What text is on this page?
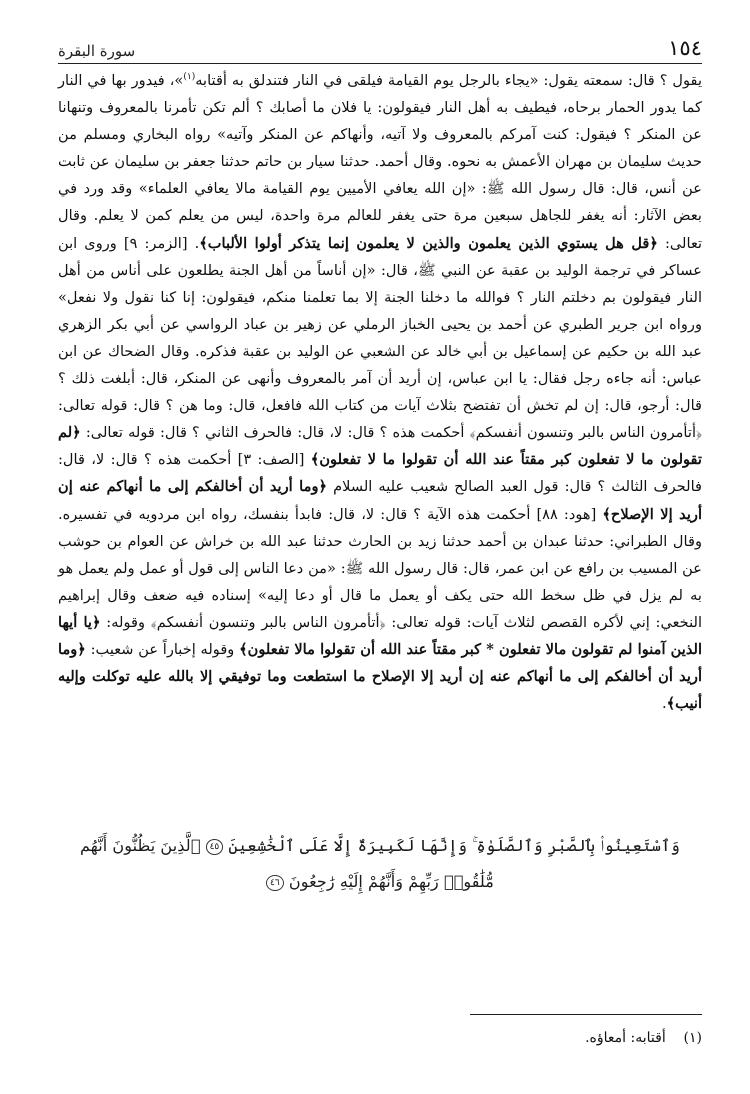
١٥٤
سورة البقرة

يقول ؟ قال: سمعته يقول: «يجاء بالرجل يوم القيامة فيلقى في النار فتندلق به أقتابه$^{(١)}$»، فيدور بها في النار كما يدور الحمار برحاه، فيطيف به أهل النار فيقولون: يا فلان ما أصابك ؟ ألم تكن تأمرنا بالمعروف وتنهانا عن المنكر ؟ فيقول: كنت آمركم بالمعروف ولا آتيه، وأنهاكم عن المنكر وآتيه» رواه البخاري ومسلم من حديث سليمان بن مهران الأعمش به نحوه. وقال أحمد. حدثنا سيار بن حاتم حدثنا جعفر بن سليمان عن ثابت عن أنس، قال: قال رسول الله ﷺ: «إن الله يعافي الأميين يوم القيامة مالا يعافي العلماء» وقد ورد في بعض الآثار: أنه يغفر للجاهل سبعين مرة حتى يغفر للعالم مرة واحدة، ليس من يعلم كمن لا يعلم. وقال تعالى: ﴿قل هل يستوي الذين يعلمون والذين لا يعلمون إنما يتذكر أولوا الألباب﴾. [الزمر: ٩] وروى ابن عساكر في ترجمة الوليد بن عقبة عن النبي ﷺ، قال: «إن أناساً من أهل الجنة يطلعون على أناس من أهل النار فيقولون بم دخلتم النار ؟ فوالله ما دخلنا الجنة إلا بما تعلمنا منكم، فيقولون: إنا كنا نقول ولا نفعل» ورواه ابن جرير الطبري عن أحمد بن يحيى الخباز الرملي عن زهير بن عباد الرواسي عن أبي بكر الزهري عبد الله بن حكيم عن إسماعيل بن أبي خالد عن الشعبي عن الوليد بن عقبة فذكره. وقال الضحاك عن ابن عباس: أنه جاءه رجل فقال: يا ابن عباس، إن أريد أن آمر بالمعروف وأنهى عن المنكر، قال: أبلغت ذلك ؟ قال: أرجو، قال: إن لم تخش أن تفتضح بثلاث آيات من كتاب الله فافعل، قال: وما هن ؟ قال: قوله تعالى: ﴿أتأمرون الناس بالبر وتنسون أنفسكم﴾ أحكمت هذه ؟ قال: لا، قال: فالحرف الثاني ؟ قال: قوله تعالى: ﴿لم تقولون ما لا تفعلون كبر مقتاً عند الله أن تقولوا ما لا تفعلون﴾ [الصف: ٣] أحكمت هذه ؟ قال: لا، قال: فالحرف الثالث ؟ قال: قول العبد الصالح شعيب عليه السلام ﴿وما أريد أن أخالفكم إلى ما أنهاكم عنه إن أريد إلا الإصلاح﴾ [هود: ٨٨] أحكمت هذه الآية ؟ قال: لا، قال: فابدأ بنفسك، رواه ابن مردويه في تفسيره. وقال الطبراني: حدثنا عبدان بن أحمد حدثنا زيد بن الحارث حدثنا عبد الله بن خراش عن العوام بن حوشب عن المسيب بن رافع عن ابن عمر، قال: قال رسول الله ﷺ: «من دعا الناس إلى قول أو عمل ولم يعمل هو به لم يزل في ظل سخط الله حتى يكف أو يعمل ما قال أو دعا إليه» إسناده فيه ضعف وقال إبراهيم النخعي: إني لأكره القصص لثلاث آيات: قوله تعالى: ﴿أتأمرون الناس بالبر وتنسون أنفسكم﴾ وقوله: ﴿يا أيها الذين آمنوا لم تقولون مالا تفعلون * كبر مقتاً عند الله أن تقولوا مالا تفعلون﴾ وقوله إخباراً عن شعيب: ﴿وما أريد أن أخالفكم إلى ما أنهاكم عنه إن أريد إلا الإصلاح ما استطعت وما توفيقي إلا بالله عليه توكلت وإليه أنيب﴾.

وَٱسْتَعِينُوا۟ بِٱلصَّبْرِ وَٱلصَّلَوٰةِ ۚ وَإِنَّهَا لَكَبِيرَةٌ إِلَّا عَلَى ٱلْخَٰشِعِينَ ٤٥ ٱلَّذِينَ يَظُنُّونَ أَنَّهُم مُّلَٰقُوا۟ رَبِّهِمْ وَأَنَّهُمْ إِلَيْهِ رَٰجِعُونَ ٤٦
(١)    أقتابه: أمعاؤه.
